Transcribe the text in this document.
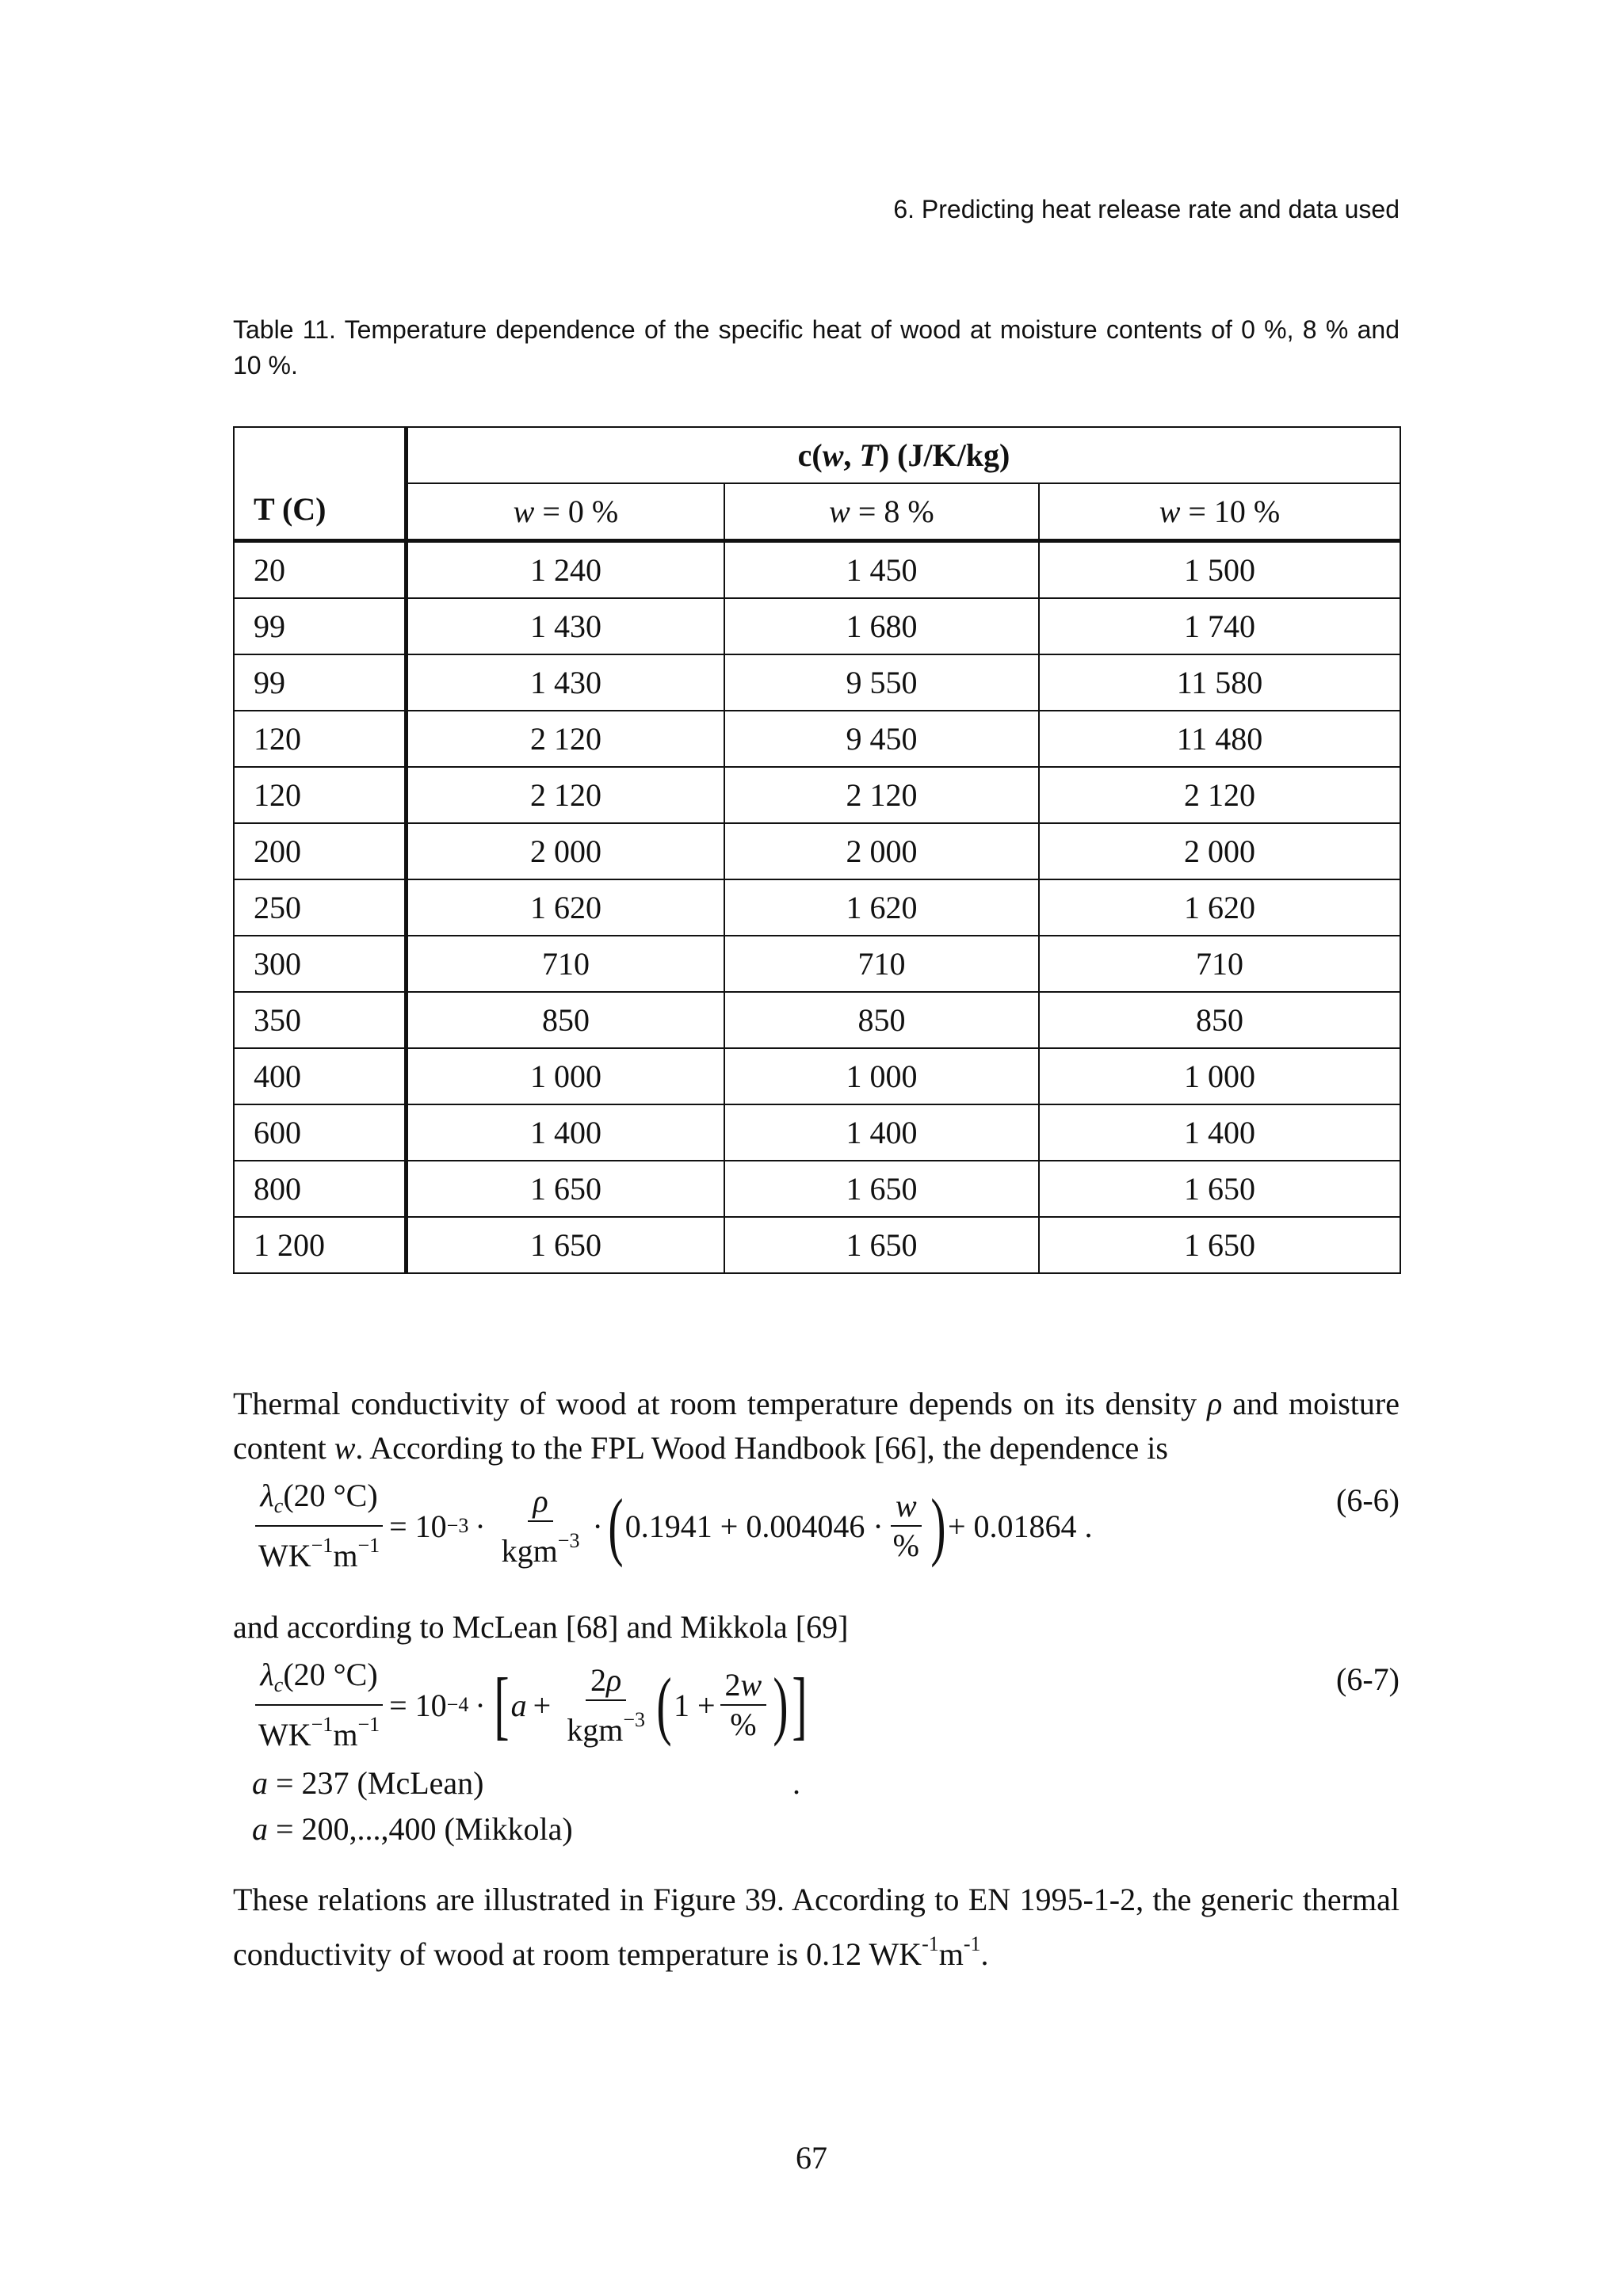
6. Predicting heat release rate and data used

Table 11. Temperature dependence of the specific heat of wood at moisture contents of 0 %, 8 % and 10 %.

T (C)	c(w, T) (J/K/kg)		
	w = 0 %	w = 8 %	w = 10 %
20	1 240	1 450	1 500
99	1 430	1 680	1 740
99	1 430	9 550	11 580
120	2 120	9 450	11 480
120	2 120	2 120	2 120
200	2 000	2 000	2 000
250	1 620	1 620	1 620
300	710	710	710
350	850	850	850
400	1 000	1 000	1 000
600	1 400	1 400	1 400
800	1 650	1 650	1 650
1 200	1 650	1 650	1 650

Thermal conductivity of wood at room temperature depends on its density ρ and moisture content w. According to the FPL Wood Handbook [66], the dependence is

$\frac{\lambda_c(20 ^\circ C)}{WK^{-1}m^{-1}} = 10 -3 \cdot \frac{\rho}{kgm^{-3}}$ · ( $0.1941 + 0.004046 \cdot \frac{w}{\%}$ ) + 0.01864 .
(6-6)

and according to McLean [68] and Mikkola [69]

$\frac{\lambda_c(20 ^\circ C)}{WK^{-1}m^{-1}} = 10 -4$ · [ $a + \frac{2\rho}{kgm^{-3}}$ ( $1 + \frac{2w}{\%}$ ) ]	(6-7)
a = 237 (McLean)
a = 200,...,400 (Mikkola)
.

These relations are illustrated in Figure 39. According to EN 1995-1-2, the generic thermal conductivity of wood at room temperature is 0.12 $WK^{-1}m^{-1}$.

67
